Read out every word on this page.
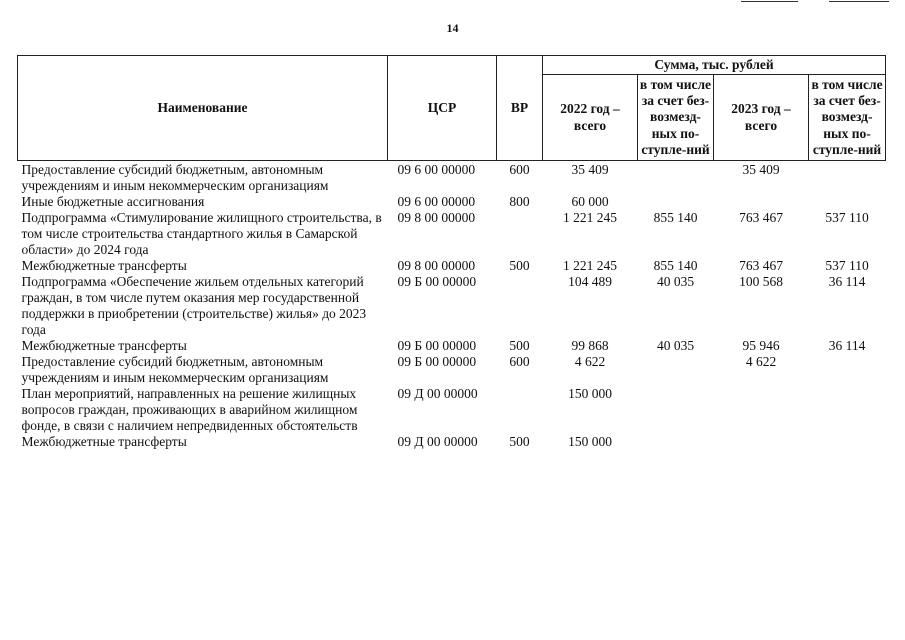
14
Наименование	ЦСР	ВР	Сумма, тыс. рублей			
			2022 год – всего	в том числе за счет без-возмезд-ных по-ступле-ний	2023 год – всего	в том числе за счет без-возмезд-ных по-ступле-ний
Предоставление субсидий бюджетным, автономным учреждениям и иным некоммерческим организациям	09 6 00 00000	600	35 409		35 409	
Иные бюджетные ассигнования	09 6 00 00000	800	60 000			
Подпрограмма «Стимулирование жилищного строительства, в том числе строительства стандартного жилья в Самарской области» до 2024 года	09 8 00 00000		1 221 245	855 140	763 467	537 110
Межбюджетные трансферты	09 8 00 00000	500	1 221 245	855 140	763 467	537 110
Подпрограмма «Обеспечение жильем отдельных категорий граждан, в том числе путем оказания мер государственной поддержки в приобретении (строительстве) жилья» до 2023 года	09 Б 00 00000		104 489	40 035	100 568	36 114
Межбюджетные трансферты	09 Б 00 00000	500	99 868	40 035	95 946	36 114
Предоставление субсидий бюджетным, автономным учреждениям и иным некоммерческим организациям	09 Б 00 00000	600	4 622		4 622	
План мероприятий, направленных на решение жилищных вопросов граждан, проживающих в аварийном жилищном фонде, в связи с наличием непредвиденных обстоятельств	09 Д 00 00000		150 000			
Межбюджетные трансферты	09 Д 00 00000	500	150 000			
